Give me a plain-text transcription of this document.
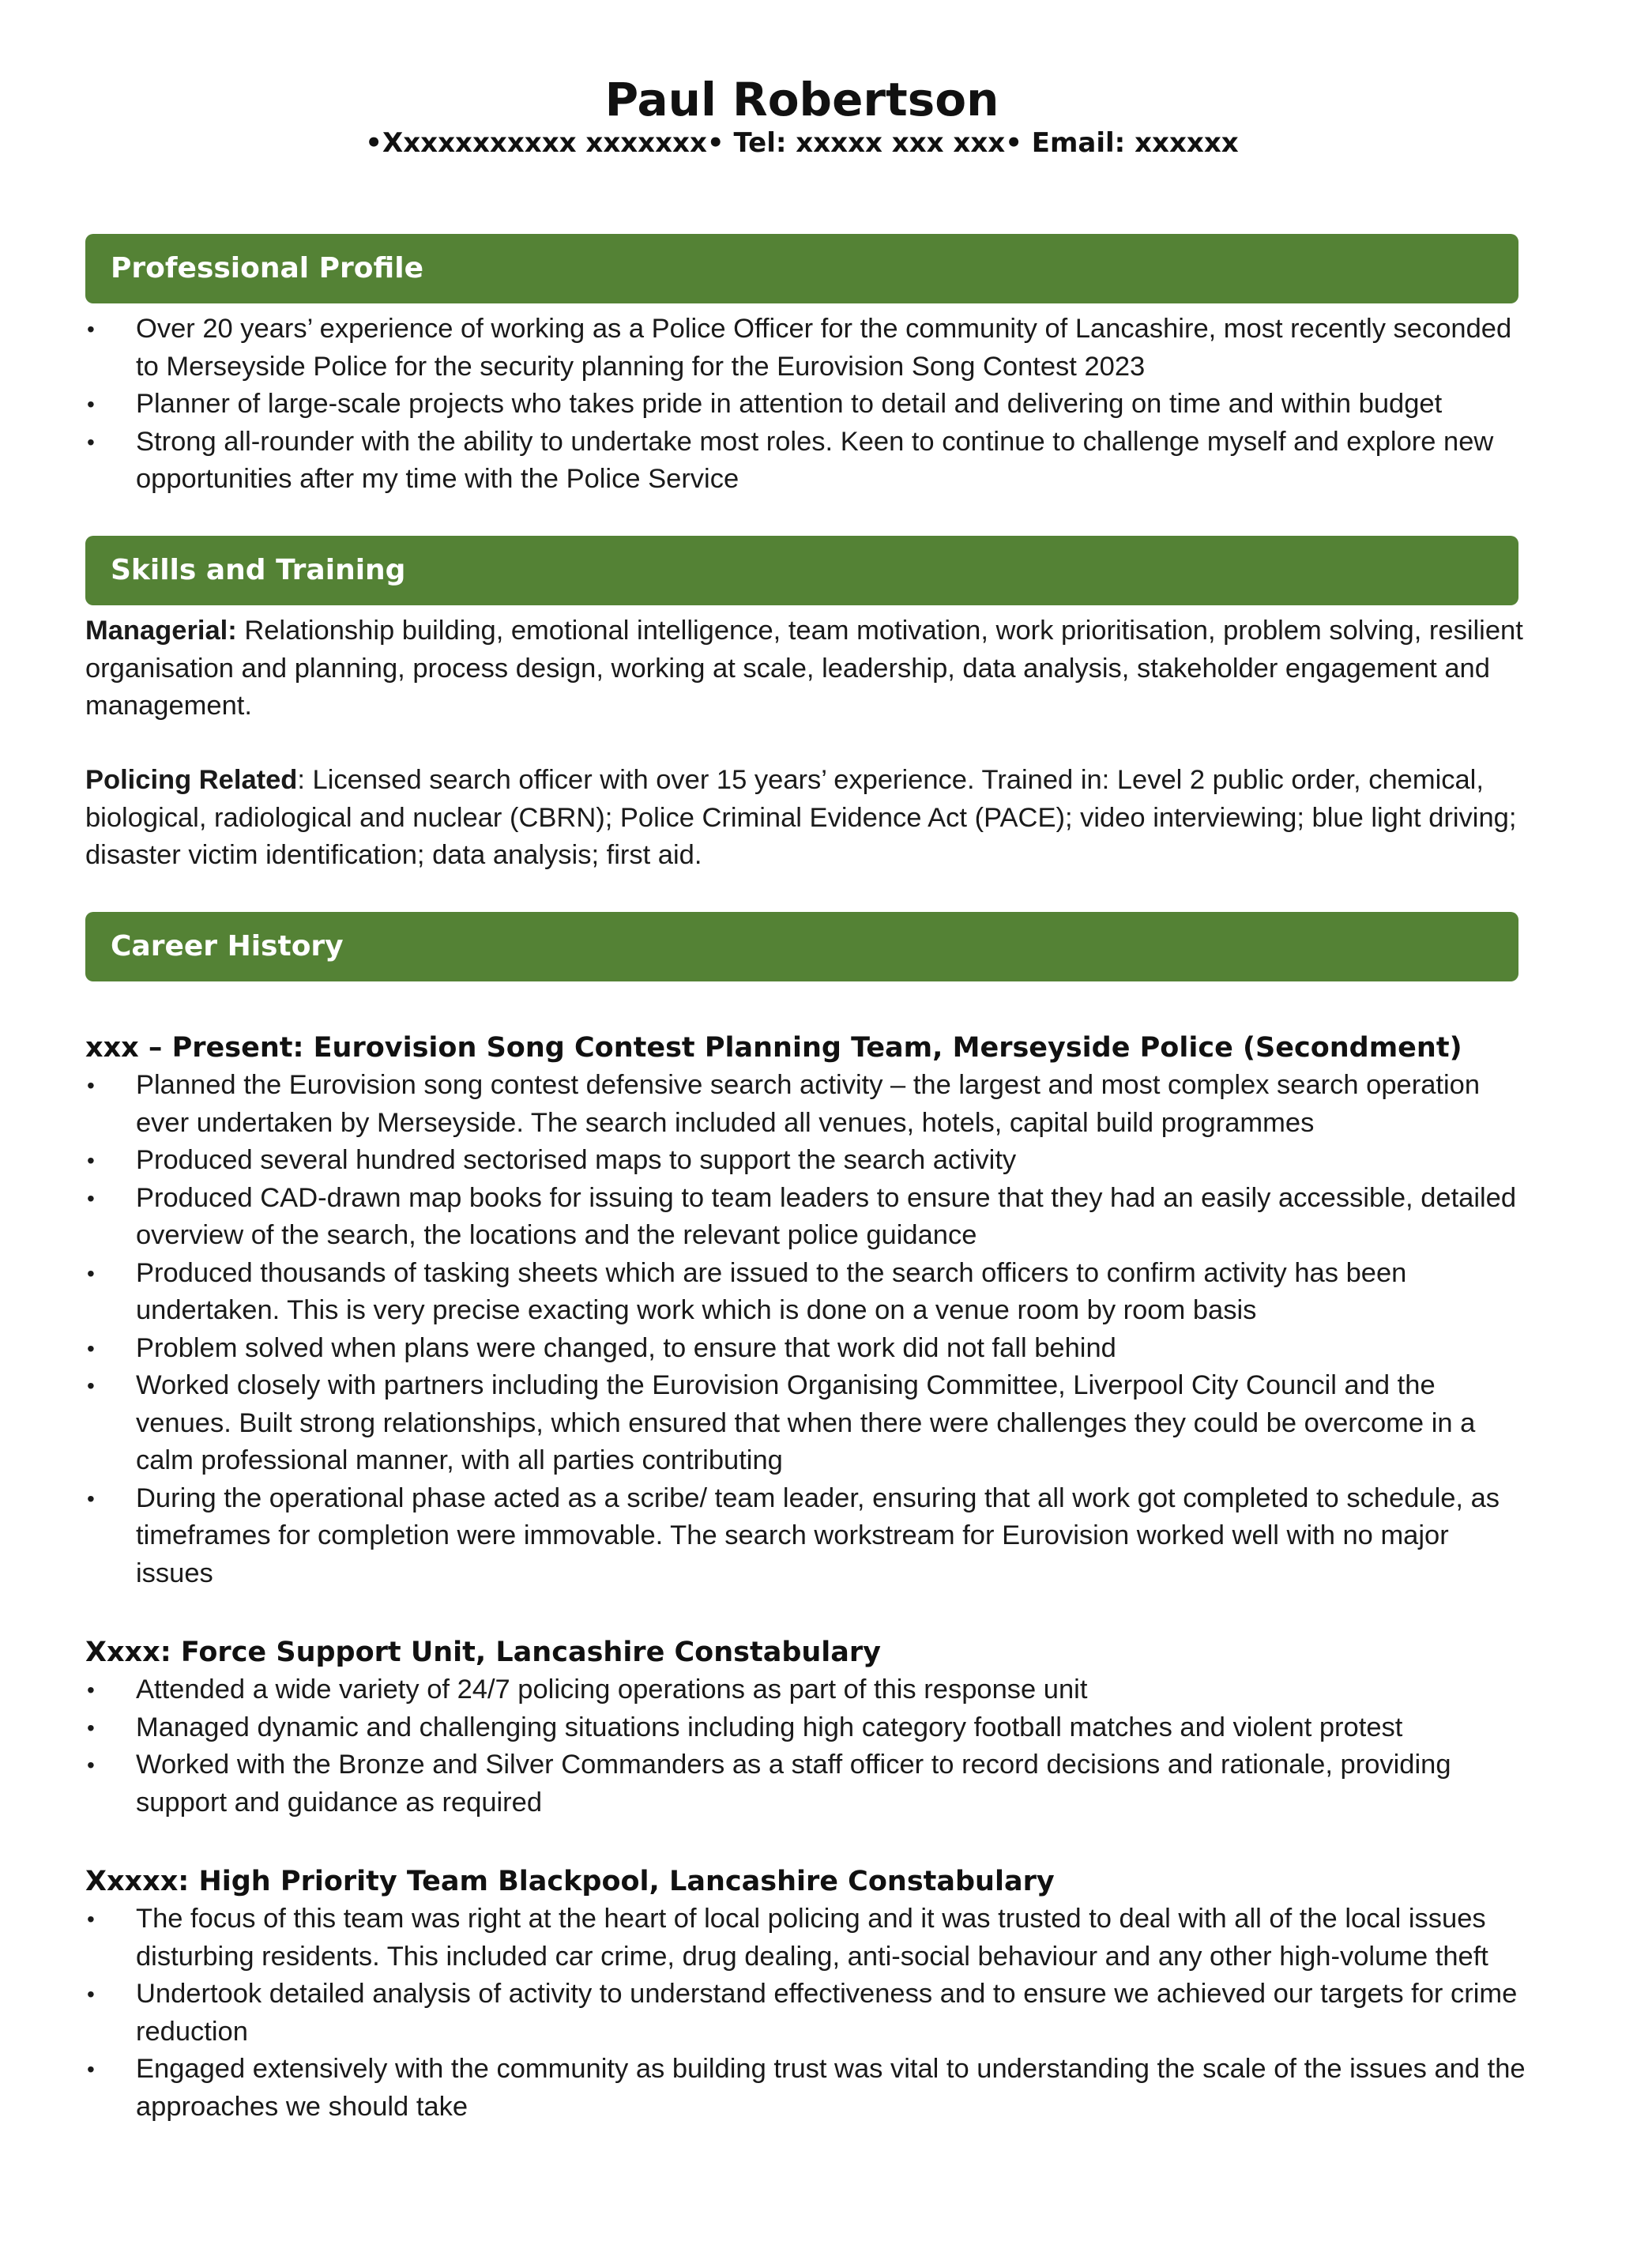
Paul Robertson
•Xxxxxxxxxxx xxxxxxx• Tel: xxxxx xxx xxx• Email: xxxxxx
Professional Profile
• Over 20 years’ experience of working as a Police Officer for the community of Lancashire, most recently seconded to Merseyside Police for the security planning for the Eurovision Song Contest 2023
• Planner of large-scale projects who takes pride in attention to detail and delivering on time and within budget
• Strong all-rounder with the ability to undertake most roles. Keen to continue to challenge myself and explore new opportunities after my time with the Police Service
Skills and Training

Managerial: Relationship building, emotional intelligence, team motivation, work prioritisation, problem solving, resilient organisation and planning, process design, working at scale, leadership, data analysis, stakeholder engagement and management.

Policing Related: Licensed search officer with over 15 years’ experience. Trained in: Level 2 public order, chemical, biological, radiological and nuclear (CBRN); Police Criminal Evidence Act (PACE); video interviewing; blue light driving; disaster victim identification; data analysis; first aid.

Career History

xxx – Present: Eurovision Song Contest Planning Team, Merseyside Police (Secondment)

• Planned the Eurovision song contest defensive search activity – the largest and most complex search operation ever undertaken by Merseyside. The search included all venues, hotels, capital build programmes
• Produced several hundred sectorised maps to support the search activity
• Produced CAD-drawn map books for issuing to team leaders to ensure that they had an easily accessible, detailed overview of the search, the locations and the relevant police guidance
• Produced thousands of tasking sheets which are issued to the search officers to confirm activity has been undertaken. This is very precise exacting work which is done on a venue room by room basis
• Problem solved when plans were changed, to ensure that work did not fall behind
• Worked closely with partners including the Eurovision Organising Committee, Liverpool City Council and the venues. Built strong relationships, which ensured that when there were challenges they could be overcome in a calm professional manner, with all parties contributing
• During the operational phase acted as a scribe/ team leader, ensuring that all work got completed to schedule, as timeframes for completion were immovable. The search workstream for Eurovision worked well with no major issues

Xxxx: Force Support Unit, Lancashire Constabulary

• Attended a wide variety of 24/7 policing operations as part of this response unit
• Managed dynamic and challenging situations including high category football matches and violent protest
• Worked with the Bronze and Silver Commanders as a staff officer to record decisions and rationale, providing support and guidance as required

Xxxxx: High Priority Team Blackpool, Lancashire Constabulary

• The focus of this team was right at the heart of local policing and it was trusted to deal with all of the local issues disturbing residents. This included car crime, drug dealing, anti-social behaviour and any other high-volume theft
• Undertook detailed analysis of activity to understand effectiveness and to ensure we achieved our targets for crime reduction
• Engaged extensively with the community as building trust was vital to understanding the scale of the issues and the approaches we should take
